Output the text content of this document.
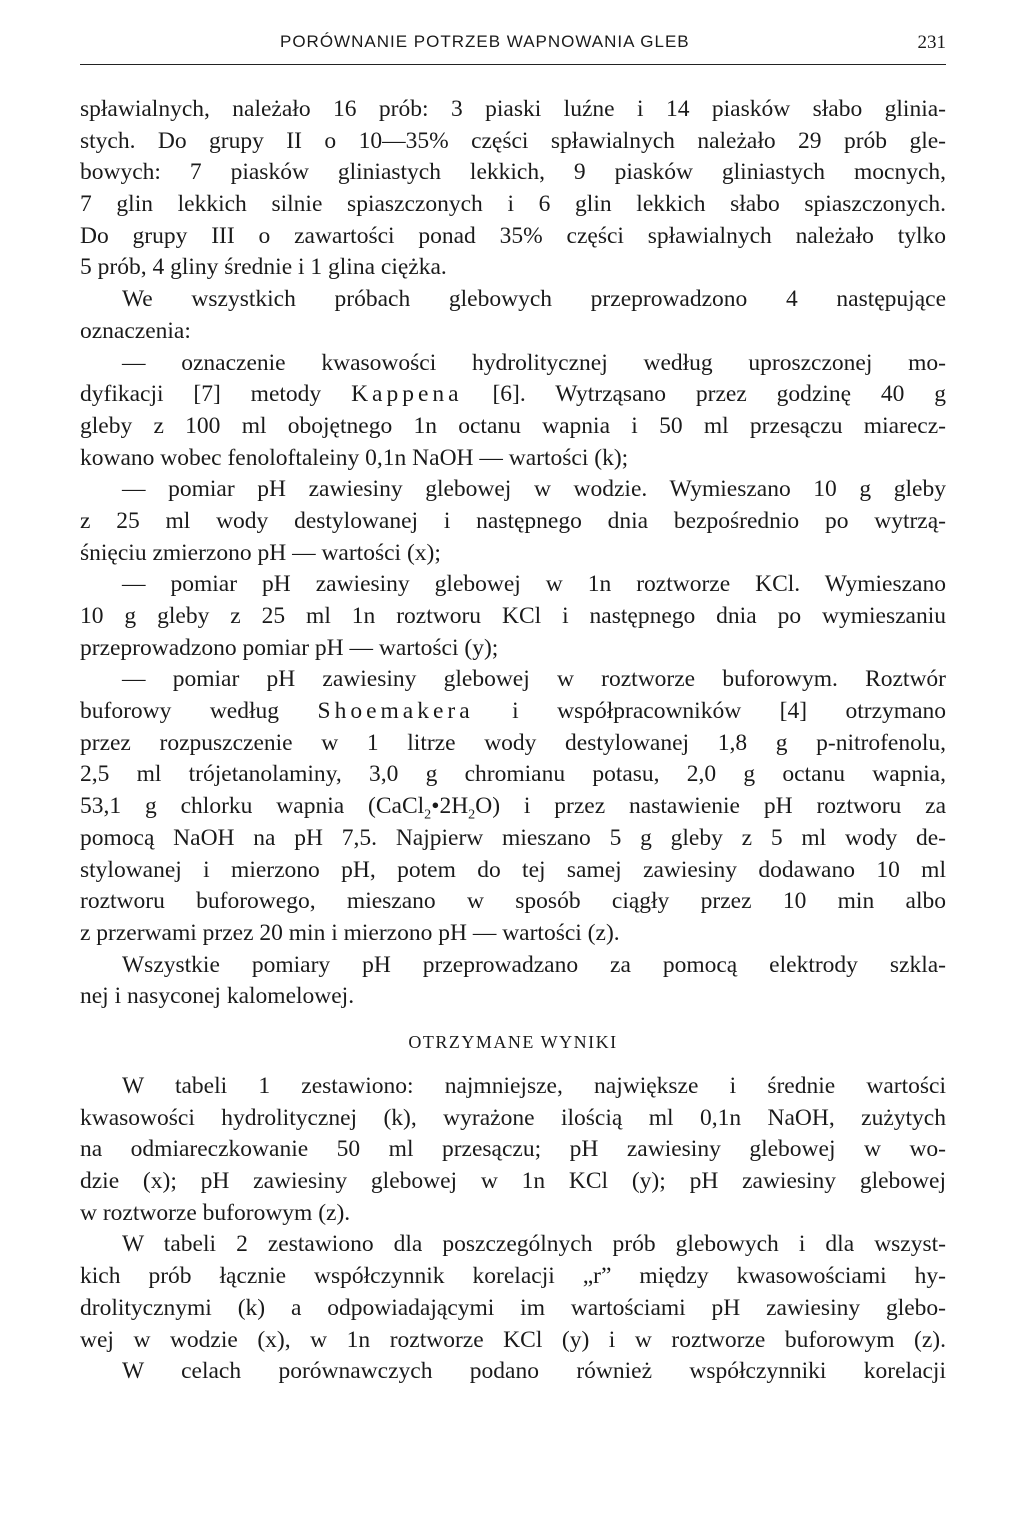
PORÓWNANIE POTRZEB WAPNOWANIA GLEB	231
spławialnych, należało 16 prób: 3 piaski luźne i 14 piasków słabo glinia-
stych. Do grupy II o 10—35% części spławialnych należało 29 prób gle-
bowych: 7 piasków gliniastych lekkich, 9 piasków gliniastych mocnych,
7 glin lekkich silnie spiaszczonych i 6 glin lekkich słabo spiaszczonych.
Do grupy III o zawartości ponad 35% części spławialnych należało tylko
5 prób, 4 gliny średnie i 1 glina ciężka.
We wszystkich próbach glebowych przeprowadzono 4 następujące
oznaczenia:
— oznaczenie kwasowości hydrolitycznej według uproszczonej mo-
dyfikacji [7] metody Kappena [6]. Wytrząsano przez godzinę 40 g
gleby z 100 ml obojętnego 1n octanu wapnia i 50 ml przesączu miarecz-
kowano wobec fenoloftaleiny 0,1n NaOH — wartości (k);
— pomiar pH zawiesiny glebowej w wodzie. Wymieszano 10 g gleby
z 25 ml wody destylowanej i następnego dnia bezpośrednio po wytrzą-
śnięciu zmierzono pH — wartości (x);
— pomiar pH zawiesiny glebowej w 1n roztworze KCl. Wymieszano
10 g gleby z 25 ml 1n roztworu KCl i następnego dnia po wymieszaniu
przeprowadzono pomiar pH — wartości (y);
— pomiar pH zawiesiny glebowej w roztworze buforowym. Roztwór
buforowy według Shoemakera i współpracowników [4] otrzymano
przez rozpuszczenie w 1 litrze wody destylowanej 1,8 g p-nitrofenolu,
2,5 ml trójetanolaminy, 3,0 g chromianu potasu, 2,0 g octanu wapnia,
53,1 g chlorku wapnia $(CaCl_2•2H_2O)$ i przez nastawienie pH roztworu za
pomocą NaOH na pH 7,5. Najpierw mieszano 5 g gleby z 5 ml wody de-
stylowanej i mierzono pH, potem do tej samej zawiesiny dodawano 10 ml
roztworu buforowego, mieszano w sposób ciągły przez 10 min albo
z przerwami przez 20 min i mierzono pH — wartości (z).
Wszystkie pomiary pH przeprowadzano za pomocą elektrody szkla-
nej i nasyconej kalomelowej.
OTRZYMANE WYNIKI
W tabeli 1 zestawiono: najmniejsze, największe i średnie wartości
kwasowości hydrolitycznej (k), wyrażone ilością ml 0,1n NaOH, zużytych
na odmiareczkowanie 50 ml przesączu; pH zawiesiny glebowej w wo-
dzie (x); pH zawiesiny glebowej w 1n KCl (y); pH zawiesiny glebowej
w roztworze buforowym (z).
W tabeli 2 zestawiono dla poszczególnych prób glebowych i dla wszyst-
kich prób łącznie współczynnik korelacji „r” między kwasowościami hy-
drolitycznymi (k) a odpowiadającymi im wartościami pH zawiesiny glebo-
wej w wodzie (x), w 1n roztworze KCl (y) i w roztworze buforowym (z).
W celach porównawczych podano również współczynniki korelacji
